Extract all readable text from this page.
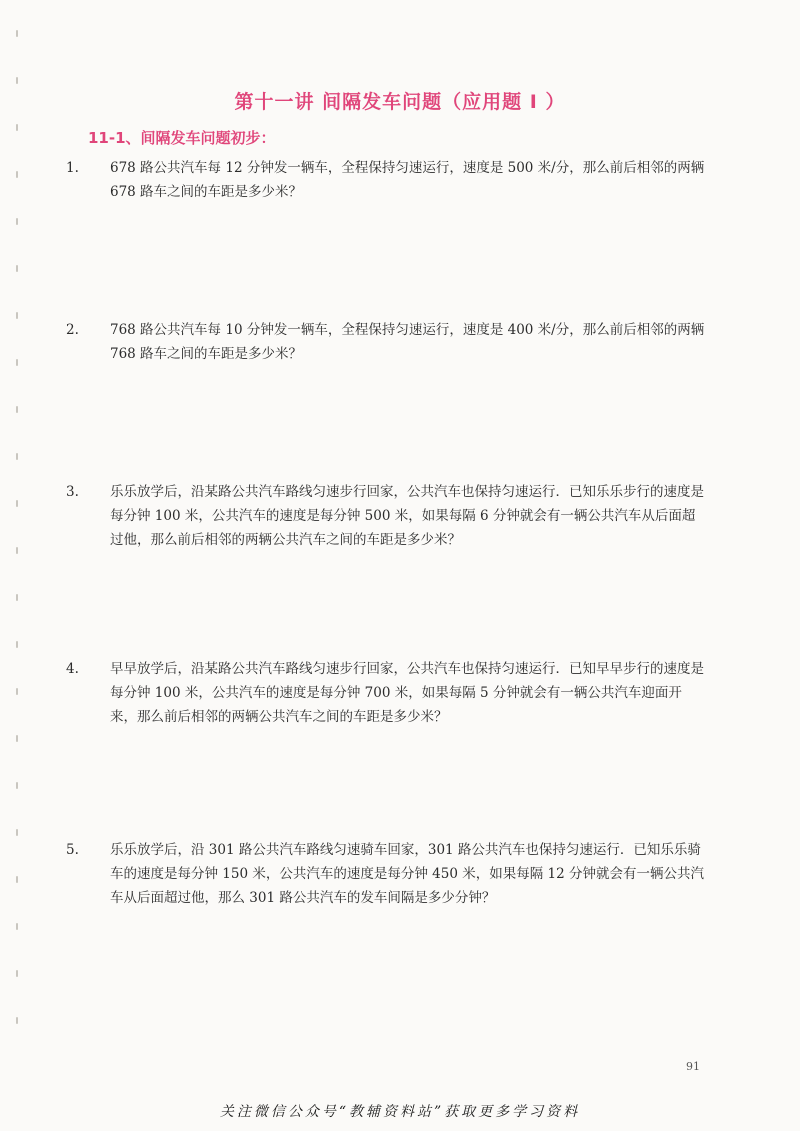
第十一讲 间隔发车问题（应用题 I ）
11-1、间隔发车问题初步：
1. 678 路公共汽车每 12 分钟发一辆车，全程保持匀速运行，速度是 500 米/分，那么前后相邻的两辆 678 路车之间的车距是多少米？
2. 768 路公共汽车每 10 分钟发一辆车，全程保持匀速运行，速度是 400 米/分，那么前后相邻的两辆 768 路车之间的车距是多少米？
3. 乐乐放学后，沿某路公共汽车路线匀速步行回家，公共汽车也保持匀速运行．已知乐乐步行的速度是每分钟 100 米，公共汽车的速度是每分钟 500 米，如果每隔 6 分钟就会有一辆公共汽车从后面超过他，那么前后相邻的两辆公共汽车之间的车距是多少米？
4. 早早放学后，沿某路公共汽车路线匀速步行回家，公共汽车也保持匀速运行．已知早早步行的速度是每分钟 100 米，公共汽车的速度是每分钟 700 米，如果每隔 5 分钟就会有一辆公共汽车迎面开来，那么前后相邻的两辆公共汽车之间的车距是多少米？
5. 乐乐放学后，沿 301 路公共汽车路线匀速骑车回家，301 路公共汽车也保持匀速运行．已知乐乐骑车的速度是每分钟 150 米，公共汽车的速度是每分钟 450 米，如果每隔 12 分钟就会有一辆公共汽车从后面超过他，那么 301 路公共汽车的发车间隔是多少分钟？
91
关注微信公众号“教辅资料站”获取更多学习资料
